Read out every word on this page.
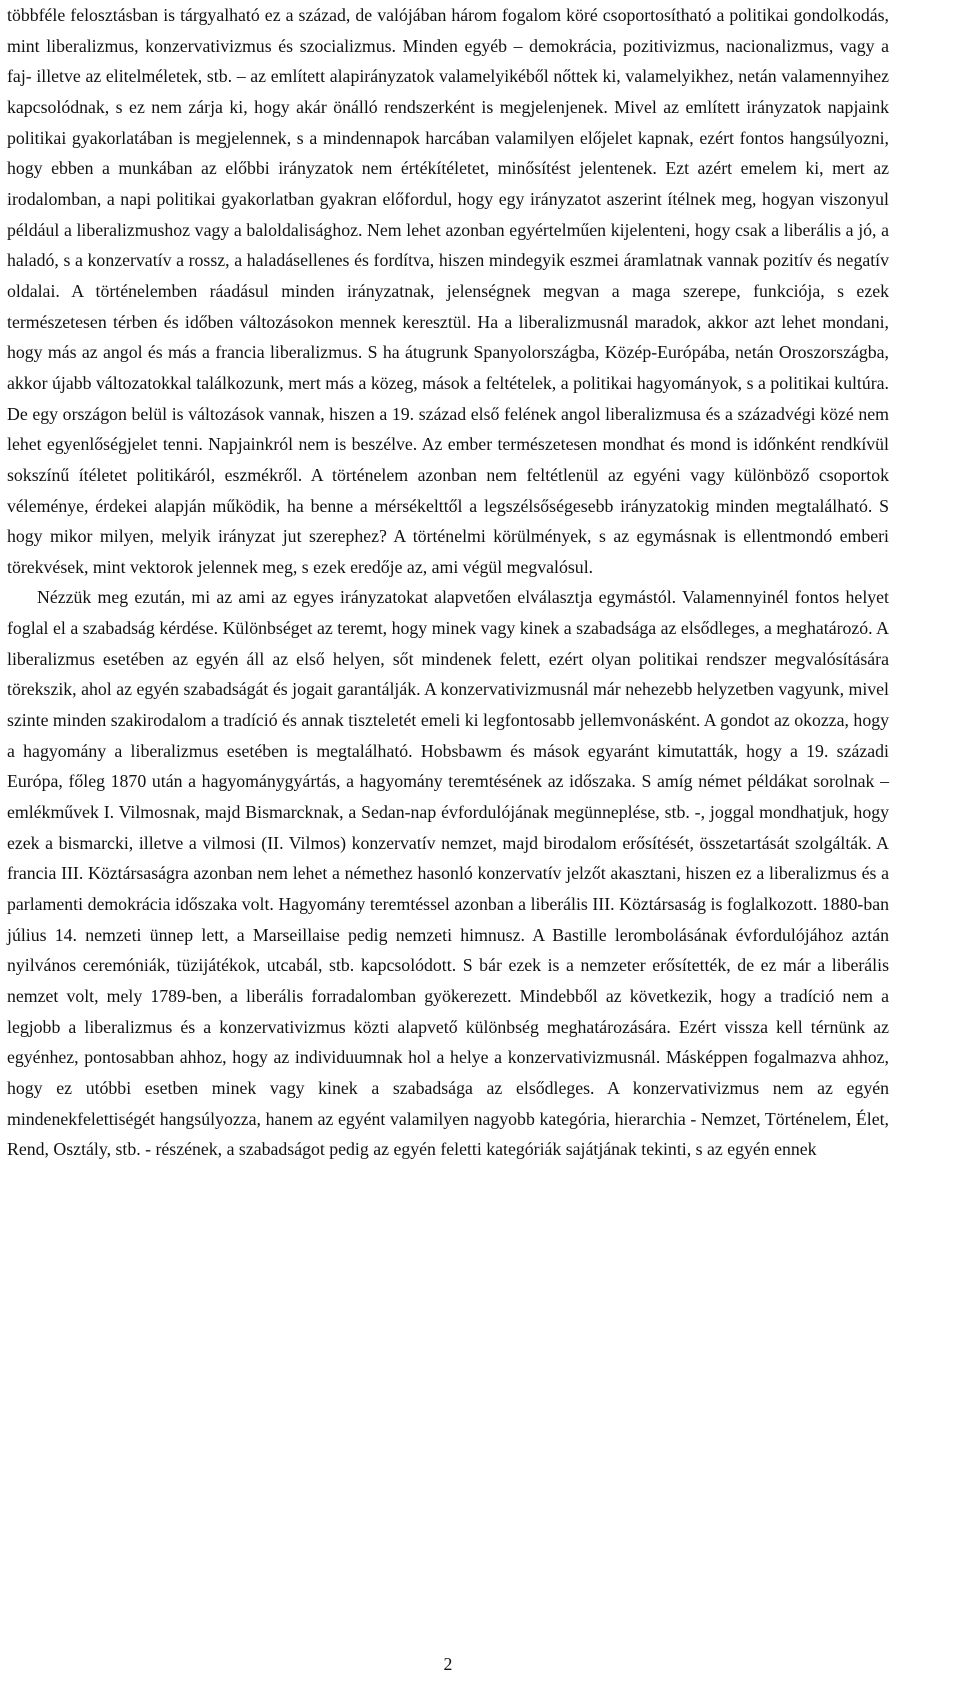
többféle felosztásban is tárgyalható ez a század, de valójában három fogalom köré csoportosítható a politikai gondolkodás, mint liberalizmus, konzervativizmus és szocializmus. Minden egyéb – demokrácia, pozitivizmus, nacionalizmus, vagy a faj- illetve az elitelméletek, stb. – az említett alapirányzatok valamelyikéből nőttek ki, valamelyikhez, netán valamennyihez kapcsolódnak, s ez nem zárja ki, hogy akár önálló rendszerként is megjelenjenek. Mivel az említett irányzatok napjaink politikai gyakorlatában is megjelennek, s a mindennapok harcában valamilyen előjelet kapnak, ezért fontos hangsúlyozni, hogy ebben a munkában az előbbi irányzatok nem értékítéletet, minősítést jelentenek. Ezt azért emelem ki, mert az irodalomban, a napi politikai gyakorlatban gyakran előfordul, hogy egy irányzatot aszerint ítélnek meg, hogyan viszonyul például a liberalizmushoz vagy a baloldalisághoz. Nem lehet azonban egyértelműen kijelenteni, hogy csak a liberális a jó, a haladó, s a konzervatív a rossz, a haladásellenes és fordítva, hiszen mindegyik eszmei áramlatnak vannak pozitív és negatív oldalai. A történelemben ráadásul minden irányzatnak, jelenségnek megvan a maga szerepe, funkciója, s ezek természetesen térben és időben változásokon mennek keresztül. Ha a liberalizmusnál maradok, akkor azt lehet mondani, hogy más az angol és más a francia liberalizmus. S ha átugrunk Spanyolországba, Közép-Európába, netán Oroszországba, akkor újabb változatokkal találkozunk, mert más a közeg, mások a feltételek, a politikai hagyományok, s a politikai kultúra. De egy országon belül is változások vannak, hiszen a 19. század első felének angol liberalizmusa és a századvégi közé nem lehet egyenlőségjelet tenni. Napjainkról nem is beszélve. Az ember természetesen mondhat és mond is időnként rendkívül sokszínű ítéletet politikáról, eszmékről. A történelem azonban nem feltétlenül az egyéni vagy különböző csoportok véleménye, érdekei alapján működik, ha benne a mérsékelttől a legszélsőségesebb irányzatokig minden megtalálható. S hogy mikor milyen, melyik irányzat jut szerephez? A történelmi körülmények, s az egymásnak is ellentmondó emberi törekvések, mint vektorok jelennek meg, s ezek eredője az, ami végül megvalósul.

Nézzük meg ezután, mi az ami az egyes irányzatokat alapvetően elválasztja egymástól. Valamennyinél fontos helyet foglal el a szabadság kérdése. Különbséget az teremt, hogy minek vagy kinek a szabadsága az elsődleges, a meghatározó. A liberalizmus esetében az egyén áll az első helyen, sőt mindenek felett, ezért olyan politikai rendszer megvalósítására törekszik, ahol az egyén szabadságát és jogait garantálják. A konzervativizmusnál már nehezebb helyzetben vagyunk, mivel szinte minden szakirodalom a tradíció és annak tiszteletét emeli ki legfontosabb jellemvonásként. A gondot az okozza, hogy a hagyomány a liberalizmus esetében is megtalálható. Hobsbawm és mások egyaránt kimutatták, hogy a 19. századi Európa, főleg 1870 után a hagyománygyártás, a hagyomány teremtésének az időszaka. S amíg német példákat sorolnak – emlékművek I. Vilmosnak, majd Bismarcknak, a Sedan-nap évfordulójának megünneplése, stb. -, joggal mondhatjuk, hogy ezek a bismarcki, illetve a vilmosi (II. Vilmos) konzervatív nemzet, majd birodalom erősítését, összetartását szolgálták. A francia III. Köztársaságra azonban nem lehet a némethez hasonló konzervatív jelzőt akasztani, hiszen ez a liberalizmus és a parlamenti demokrácia időszaka volt. Hagyomány teremtéssel azonban a liberális III. Köztársaság is foglalkozott. 1880-ban július 14. nemzeti ünnep lett, a Marseillaise pedig nemzeti himnusz. A Bastille lerombolásának évfordulójához aztán nyilvános ceremóniák, tüzijátékok, utcabál, stb. kapcsolódott. S bár ezek is a nemzeter erősítették, de ez már a liberális nemzet volt, mely 1789-ben, a liberális forradalomban gyökerezett. Mindebből az következik, hogy a tradíció nem a legjobb a liberalizmus és a konzervativizmus közti alapvető különbség meghatározására. Ezért vissza kell térnünk az egyénhez, pontosabban ahhoz, hogy az individuumnak hol a helye a konzervativizmusnál. Másképpen fogalmazva ahhoz, hogy ez utóbbi esetben minek vagy kinek a szabadsága az elsődleges. A konzervativizmus nem az egyén mindenekfelettiségét hangsúlyozza, hanem az egyént valamilyen nagyobb kategória, hierarchia - Nemzet, Történelem, Élet, Rend, Osztály, stb. - részének, a szabadságot pedig az egyén feletti kategóriák sajátjának tekinti, s az egyén ennek

2
